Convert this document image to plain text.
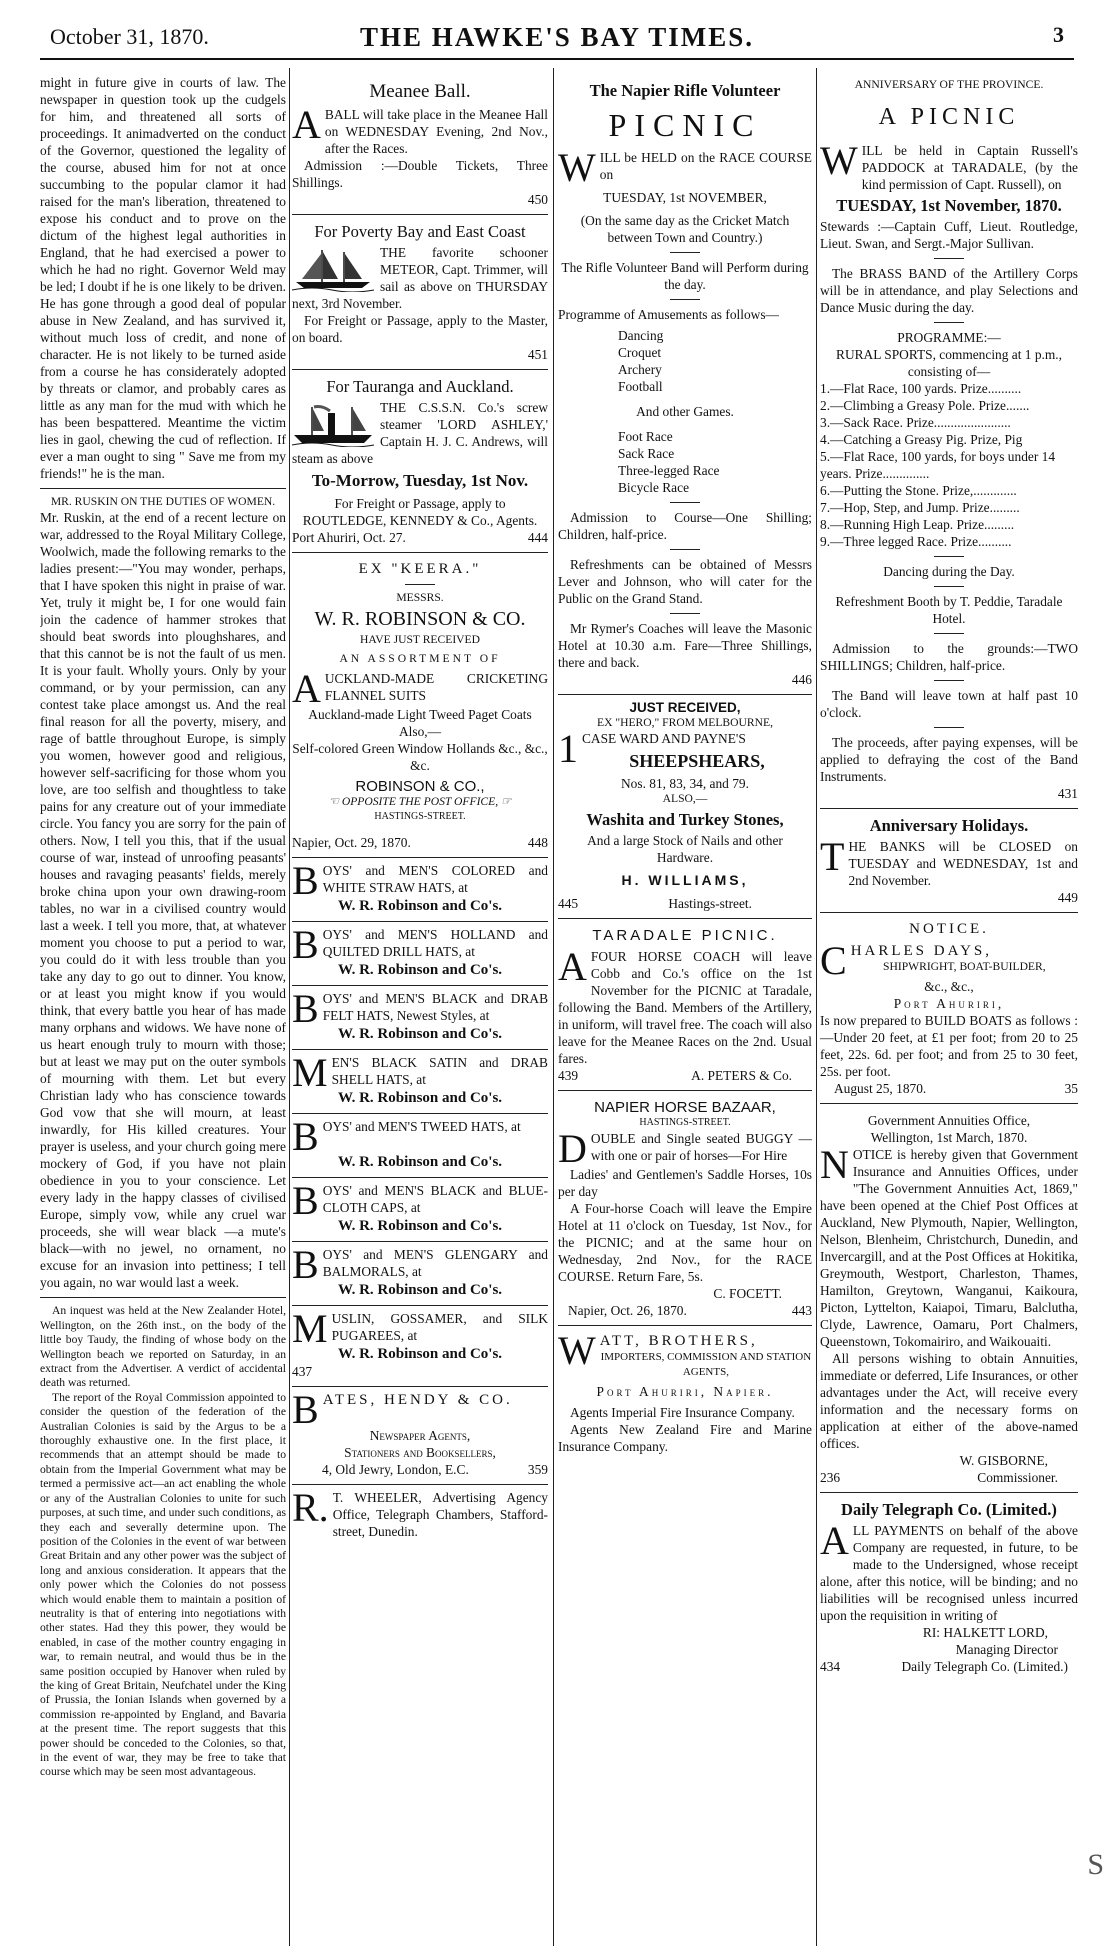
October 31, 1870.	THE HAWKE'S BAY TIMES.	3

might in future give in courts of law. The newspaper in question took up the cudgels for him, and threatened all sorts of proceedings. It animadverted on the conduct of the Governor, questioned the legality of the course, abused him for not at once succumbing to the popular clamor it had raised for the man's liberation, threatened to expose his conduct and to prove on the dictum of the highest legal authorities in England, that he had exercised a power to which he had no right. Governor Weld may be led; I doubt if he is one likely to be driven. He has gone through a good deal of popular abuse in New Zealand, and has survived it, without much loss of credit, and none of character. He is not likely to be turned aside from a course he has considerately adopted by threats or clamor, and probably cares as little as any man for the mud with which he has been bespattered. Meantime the victim lies in gaol, chewing the cud of reflection. If ever a man ought to sing " Save me from my friends!" he is the man.

MR. RUSKIN ON THE DUTIES OF WOMEN.

Mr. Ruskin, at the end of a recent lecture on war, addressed to the Royal Military College, Woolwich, made the following remarks to the ladies present:—"You may wonder, perhaps, that I have spoken this night in praise of war. Yet, truly it might be, I for one would fain join the cadence of hammer strokes that should beat swords into ploughshares, and that this cannot be is not the fault of us men. It is your fault. Wholly yours. Only by your command, or by your permission, can any contest take place amongst us. And the real final reason for all the poverty, misery, and rage of battle throughout Europe, is simply you women, however good and religious, however self-sacrificing for those whom you love, are too selfish and thoughtless to take pains for any creature out of your immediate circle. You fancy you are sorry for the pain of others. Now, I tell you this, that if the usual course of war, instead of unroofing peasants' houses and ravaging peasants' fields, merely broke china upon your own drawing-room tables, no war in a civilised country would last a week. I tell you more, that, at whatever moment you choose to put a period to war, you could do it with less trouble than you take any day to go out to dinner. You know, or at least you might know if you would think, that every battle you hear of has made many orphans and widows. We have none of us heart enough truly to mourn with those; but at least we may put on the outer symbols of mourning with them. Let but every Christian lady who has conscience towards God vow that she will mourn, at least inwardly, for His killed creatures. Your prayer is useless, and your church going mere mockery of God, if you have not plain obedience in you to your conscience. Let every lady in the happy classes of civilised Europe, simply vow, while any cruel war proceeds, she will wear black —a mute's black—with no jewel, no ornament, no excuse for an invasion into pettiness; I tell you again, no war would last a week.

An inquest was held at the New Zealander Hotel, Wellington, on the 26th inst., on the body of the little boy Taudy, the finding of whose body on the Wellington beach we reported on Saturday, in an extract from the Advertiser. A verdict of accidental death was returned.

The report of the Royal Commission appointed to consider the question of the federation of the Australian Colonies is said by the Argus to be a thoroughly exhaustive one. In the first place, it recommends that an attempt should be made to obtain from the Imperial Government what may be termed a permissive act—an act enabling the whole or any of the Australian Colonies to unite for such purposes, at such time, and under such conditions, as they each and severally determine upon. The position of the Colonies in the event of war between Great Britain and any other power was the subject of long and anxious consideration. It appears that the only power which the Colonies do not possess which would enable them to maintain a position of neutrality is that of entering into negotiations with other states. Had they this power, they would be enabled, in case of the mother country engaging in war, to remain neutral, and would thus be in the same position occupied by Hanover when ruled by the king of Great Britain, Neufchatel under the King of Prussia, the Ionian Islands when governed by a commission re-appointed by England, and Bavaria at the present time. The report suggests that this power should be conceded to the Colonies, so that, in the event of war, they may be free to take that course which may be seen most advantageous.

Meanee Ball.

ABALL will take place in the Meanee Hall on WEDNESDAY Evening, 2nd Nov., after the Races.

Admission :—Double Tickets, Three Shillings.

450
For Poverty Bay and East Coast

THE favorite schooner METEOR, Capt. Trimmer, will sail as above on THURSDAY next, 3rd November.

For Freight or Passage, apply to the Master, on board.

451
For Tauranga and Auckland.

THE C.S.S.N. Co.'s screw steamer 'LORD ASHLEY,' Captain H. J. C. Andrews, will steam as above

To-Morrow, Tuesday, 1st Nov.

For Freight or Passage, apply to ROUTLEDGE, KENNEDY & Co., Agents.

Port Ahuriri, Oct. 27.	444
EX "KEERA."
MESSRS.
W. R. ROBINSON & CO.
HAVE JUST RECEIVED
AN ASSORTMENT OF

AUCKLAND-MADE CRICKETING FLANNEL SUITS

Auckland-made Light Tweed Paget Coats

Also,—

Self-colored Green Window Hollands &c., &c., &c.

ROBINSON & CO.,
☜ OPPOSITE THE POST OFFICE, ☞
HASTINGS-STREET.
Napier, Oct. 29, 1870.	448

BOYS' and MEN'S COLORED and WHITE STRAW HATS, at

W. R. Robinson and Co's.

BOYS' and MEN'S HOLLAND and QUILTED DRILL HATS, at

W. R. Robinson and Co's.

BOYS' and MEN'S BLACK and DRAB FELT HATS, Newest Styles, at

W. R. Robinson and Co's.

MEN'S BLACK SATIN and DRAB SHELL HATS, at

W. R. Robinson and Co's.

BOYS' and MEN'S TWEED HATS, at

W. R. Robinson and Co's.

BOYS' and MEN'S BLACK and BLUE-CLOTH CAPS, at

W. R. Robinson and Co's.

BOYS' and MEN'S GLENGARY and BALMORALS, at

W. R. Robinson and Co's.

MUSLIN, GOSSAMER, and SILK PUGAREES, at

W. R. Robinson and Co's.
437

BATES, HENDY & CO.

Newspaper Agents,
Stationers and Booksellers,
4, Old Jewry, London, E.C.	359

R. T. WHEELER, Advertising Agency Office, Telegraph Chambers, Stafford-street, Dunedin.

The Napier Rifle Volunteer
PICNIC

WILL be HELD on the RACE COURSE on

TUESDAY, 1st NOVEMBER,

(On the same day as the Cricket Match between Town and Country.)

The Rifle Volunteer Band will Perform during the day.

Programme of Amusements as follows—

Dancing
Croquet
Archery
Football
And other Games.
Foot Race
Sack Race
Three-legged Race
Bicycle Race

Admission to Course—One Shilling; Children, half-price.

Refreshments can be obtained of Messrs Lever and Johnson, who will cater for the Public on the Grand Stand.

Mr Rymer's Coaches will leave the Masonic Hotel at 10.30 a.m. Fare—Three Shillings, there and back.

446
JUST RECEIVED,
EX "HERO," FROM MELBOURNE,

1 CASE WARD AND PAYNE'S

SHEEPSHEARS,
Nos. 81, 83, 34, and 79.
ALSO,—
Washita and Turkey Stones,

And a large Stock of Nails and other Hardware.

H. WILLIAMS,
445	Hastings-street.
TARADALE PICNIC.

AFOUR HORSE COACH will leave Cobb and Co.'s office on the 1st November for the PICNIC at Taradale, following the Band. Members of the Artillery, in uniform, will travel free. The coach will also leave for the Meanee Races on the 2nd. Usual fares.

439	A. PETERS & Co.
NAPIER HORSE BAZAAR,
HASTINGS-STREET.

DOUBLE and Single seated BUGGY —with one or pair of horses—For Hire

Ladies' and Gentlemen's Saddle Horses, 10s per day

A Four-horse Coach will leave the Empire Hotel at 11 o'clock on Tuesday, 1st Nov., for the PICNIC; and at the same hour on Wednesday, 2nd Nov., for the RACE COURSE. Return Fare, 5s.

C. FOCETT.
Napier, Oct. 26, 1870.	443

WATT, BROTHERS,

IMPORTERS, COMMISSION AND STATION AGENTS,
Port Ahuriri, Napier.

Agents Imperial Fire Insurance Company.

Agents New Zealand Fire and Marine Insurance Company.

ANNIVERSARY OF THE PROVINCE.
A PICNIC

WILL be held in Captain Russell's PADDOCK at TARADALE, (by the kind permission of Capt. Russell), on

TUESDAY, 1st November, 1870.

Stewards :—Captain Cuff, Lieut. Routledge, Lieut. Swan, and Sergt.-Major Sullivan.

The BRASS BAND of the Artillery Corps will be in attendance, and play Selections and Dance Music during the day.

PROGRAMME:—

RURAL SPORTS, commencing at 1 p.m., consisting of—

1.—Flat Race, 100 yards. Prize..........
2.—Climbing a Greasy Pole. Prize.......
3.—Sack Race. Prize.......................
4.—Catching a Greasy Pig. Prize, Pig
5.—Flat Race, 100 yards, for boys under 14 years. Prize..............
6.—Putting the Stone. Prize,.............
7.—Hop, Step, and Jump. Prize.........
8.—Running High Leap. Prize.........
9.—Three legged Race. Prize..........
Dancing during the Day.

Refreshment Booth by T. Peddie, Taradale Hotel.

Admission to the grounds:—TWO SHILLINGS; Children, half-price.

The Band will leave town at half past 10 o'clock.

The proceeds, after paying expenses, will be applied to defraying the cost of the Band Instruments.

431
Anniversary Holidays.

THE BANKS will be CLOSED on TUESDAY and WEDNESDAY, 1st and 2nd November.

449
NOTICE.

CHARLES DAYS,

SHIPWRIGHT, BOAT-BUILDER,
&c., &c.,
Port Ahuriri,

Is now prepared to BUILD BOATS as follows :—Under 20 feet, at £1 per foot; from 20 to 25 feet, 22s. 6d. per foot; and from 25 to 30 feet, 25s. per foot.

August 25, 1870.	35
Government Annuities Office,
Wellington, 1st March, 1870.

NOTICE is hereby given that Government Insurance and Annuities Offices, under "The Government Annuities Act, 1869," have been opened at the Chief Post Offices at Auckland, New Plymouth, Napier, Wellington, Nelson, Blenheim, Christchurch, Dunedin, and Invercargill, and at the Post Offices at Hokitika, Greymouth, Westport, Charleston, Thames, Hamilton, Greytown, Wanganui, Kaikoura, Picton, Lyttelton, Kaiapoi, Timaru, Balclutha, Clyde, Lawrence, Oamaru, Port Chalmers, Queenstown, Tokomairiro, and Waikouaiti.

All persons wishing to obtain Annuities, immediate or deferred, Life Insurances, or other advantages under the Act, will receive every information and the necessary forms on application at either of the above-named offices.

W. GISBORNE,
236	Commissioner.
Daily Telegraph Co. (Limited.)

ALL PAYMENTS on behalf of the above Company are requested, in future, to be made to the Undersigned, whose receipt alone, after this notice, will be binding; and no liabilities will be recognised unless incurred upon the requisition in writing of

RI: HALKETT LORD,
Managing Director
434	Daily Telegraph Co. (Limited.)
S
